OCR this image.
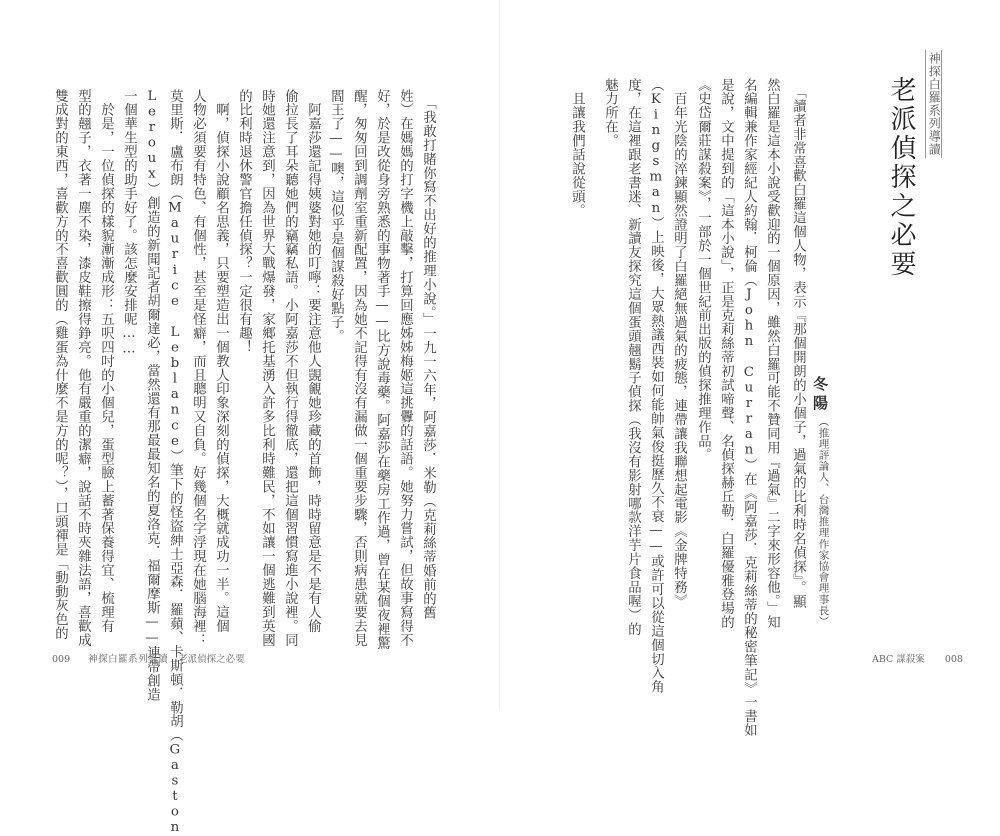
神探白羅系列導讀
老派偵探之必要
　「讀者非常喜歡白羅這個人物，表示『那個開朗的小個子，過氣的比利時名偵探』。顯 冬陽
（推理評論人、台灣推理作家協會理事長）
然白羅是這本小說受歡迎的一個原因，雖然白羅可能不贊同用『過氣』二字來形容他。」知
名編輯兼作家經紀人約翰．柯倫（John Curran）在《阿嘉莎．克莉絲蒂的秘密筆記》一書如
是說，文中提到的「這本小說」，正是克莉絲蒂初試啼聲、名偵探赫丘勒．白羅優雅登場的
《史岱爾莊謀殺案》，一部於一個世紀前出版的偵探推理作品。
　百年光陰的淬鍊顯然證明了白羅絕無過氣的疲態，連帶讓我聯想起電影《金牌特務》
（Kingsman）上映後，大眾熱議西裝如何能帥氣俊挺歷久不衰——或許可以從這個切入角
度，在這裡跟老書迷、新讀友探究這個蛋頭翹鬍子偵探（我沒有影射哪款洋芋片食品喔）的
魅力所在。
　且讓我們話說從頭。
ABC 謀殺案 008
　「我敢打賭你寫不出好的推理小說。」一九一六年，阿嘉莎．米勒（克莉絲蒂婚前的舊
姓）在媽媽的打字機上敲擊，打算回應姊姊梅姬這挑釁的話語。她努力嘗試，但故事寫得不
好，於是改從身旁熟悉的事物著手——比方說毒藥。阿嘉莎在藥房工作過，曾在某個夜裡驚
醒，匆匆回到調劑室重新配置，因為她不記得有沒有漏做一個重要步驟，否則病患就要去見
閻王了——噢，這似乎是個謀殺好點子。
　阿嘉莎還記得姨婆對她的叮嚀：要注意他人覬覦她珍藏的首飾，時時留意是不是有人偷
偷拉長了耳朵聽她們的竊竊私語。小阿嘉莎不但執行得徹底，還把這個習慣寫進小說裡。同
時她還注意到，因為世界大戰爆發，家鄉托基湧入許多比利時難民，不如讓一個逃難到英國
的比利時退休警官擔任偵探？一定很有趣！
　啊，偵探小說顧名思義，只要塑造出一個教人印象深刻的偵探，大概就成功一半。這個
人物必須要有特色、有個性，甚至是怪癖，而且聰明又自負。好幾個名字浮現在她腦海裡：
莫里斯．盧布朗（Maurice Leblance）筆下的怪盜紳士亞森．羅蘋、卡斯頓．勒胡（Gaston
Leroux）創造的新聞記者胡爾達必，當然還有那最最知名的夏洛克．福爾摩斯——連帶創造
一個華生型的助手好了。該怎麼安排呢……
　於是，一位偵探的樣貌漸漸成形：五呎四吋的小個兒，蛋型臉上蓄著保養得宜、梳理有
型的翹子，衣著一塵不染，漆皮鞋擦得錚亮。他有嚴重的潔癖，說話不時夾雜法語，喜歡成
雙成對的東西，喜歡方的不喜歡圓的（雞蛋為什麼不是方的呢？），口頭禪是「動動灰色的
009 神探白羅系列導讀 老派偵探之必要
